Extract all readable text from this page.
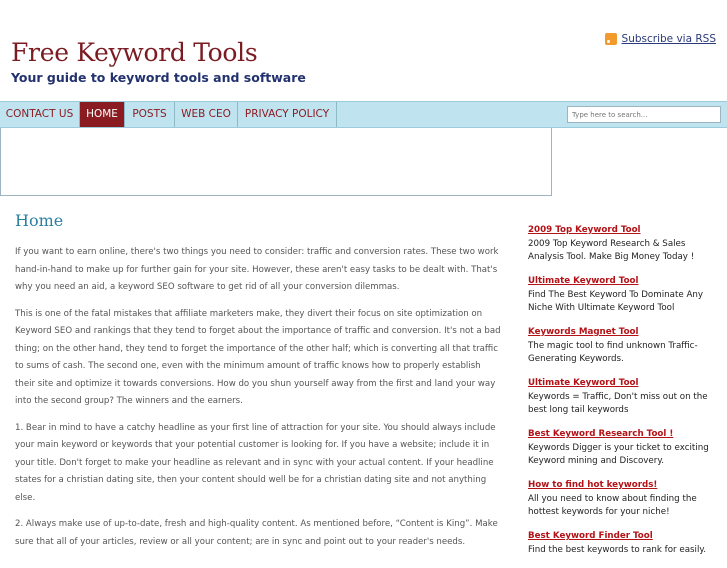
Free Keyword Tools
Your guide to keyword tools and software
Subscribe via RSS
CONTACT US	HOME	POSTS	WEB CEO	PRIVACY POLICY
Type here to search...
Home

If you want to earn online, there's two things you need to consider: traffic and conversion rates. These two work hand-in-hand to make up for further gain for your site. However, these aren't easy tasks to be dealt with. That's why you need an aid, a keyword SEO software to get rid of all your conversion dilemmas.

This is one of the fatal mistakes that affiliate marketers make, they divert their focus on site optimization on Keyword SEO and rankings that they tend to forget about the importance of traffic and conversion. It's not a bad thing; on the other hand, they tend to forget the importance of the other half; which is converting all that traffic to sums of cash. The second one, even with the minimum amount of traffic knows how to properly establish their site and optimize it towards conversions. How do you shun yourself away from the first and land your way into the second group? The winners and the earners.

1. Bear in mind to have a catchy headline as your first line of attraction for your site. You should always include your main keyword or keywords that your potential customer is looking for. If you have a website; include it in your title. Don't forget to make your headline as relevant and in sync with your actual content. If your headline states for a christian dating site, then your content should well be for a christian dating site and not anything else.

2. Always make use of up-to-date, fresh and high-quality content. As mentioned before, “Content is King”. Make sure that all of your articles, review or all your content; are in sync and point out to your reader's needs.

2009 Top Keyword Tool
2009 Top Keyword Research & Sales Analysis Tool. Make Big Money Today !
Ultimate Keyword Tool
Find The Best Keyword To Dominate Any Niche With Ultimate Keyword Tool
Keywords Magnet Tool
The magic tool to find unknown Traffic-Generating Keywords.
Ultimate Keyword Tool
Keywords = Traffic, Don't miss out on the best long tail keywords
Best Keyword Research Tool !
Keywords Digger is your ticket to exciting Keyword mining and Discovery.
How to find hot keywords!
All you need to know about finding the hottest keywords for your niche!
Best Keyword Finder Tool
Find the best keywords to rank for easily.
